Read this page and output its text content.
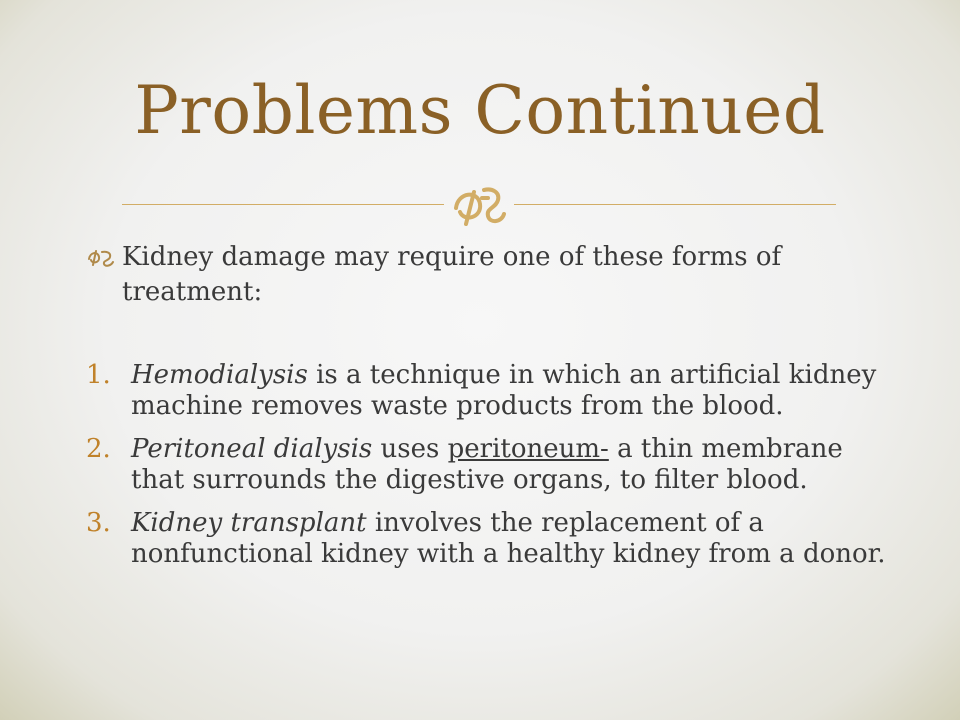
Problems Continued
Kidney damage may require one of these forms of treatment:
1. Hemodialysis is a technique in which an artificial kidney machine removes waste products from the blood.
2. Peritoneal dialysis uses peritoneum- a thin membrane that surrounds the digestive organs, to filter blood.
3. Kidney transplant involves the replacement of a nonfunctional kidney with a healthy kidney from a donor.
